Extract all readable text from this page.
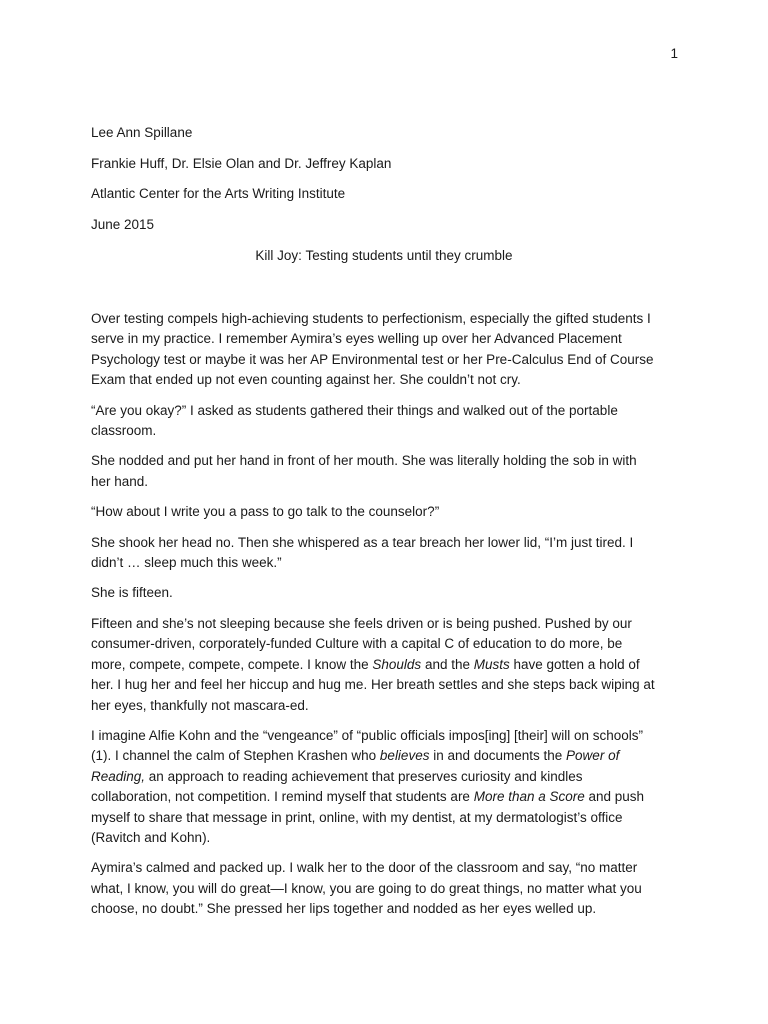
1

Lee Ann Spillane

Frankie Huff, Dr. Elsie Olan and Dr. Jeffrey Kaplan

Atlantic Center for the Arts Writing Institute

June 2015

Kill Joy: Testing students until they crumble

Over testing compels high-achieving students to perfectionism, especially the gifted students I
serve in my practice. I remember Aymira’s eyes welling up over her Advanced Placement
Psychology test or maybe it was her AP Environmental test or her Pre-Calculus End of Course
Exam that ended up not even counting against her. She couldn’t not cry.

“Are you okay?” I asked as students gathered their things and walked out of the portable
classroom.

She nodded and put her hand in front of her mouth. She was literally holding the sob in with
her hand.

“How about I write you a pass to go talk to the counselor?”

She shook her head no. Then she whispered as a tear breach her lower lid, “I’m just tired. I
didn’t … sleep much this week.”

She is fifteen.

Fifteen and she’s not sleeping because she feels driven or is being pushed. Pushed by our
consumer-driven, corporately-funded Culture with a capital C of education to do more, be
more, compete, compete, compete. I know the Shoulds and the Musts have gotten a hold of
her. I hug her and feel her hiccup and hug me. Her breath settles and she steps back wiping at
her eyes, thankfully not mascara-ed.

I imagine Alfie Kohn and the “vengeance” of “public officials impos[ing] [their] will on schools”
(1). I channel the calm of Stephen Krashen who believes in and documents the Power of
Reading, an approach to reading achievement that preserves curiosity and kindles
collaboration, not competition. I remind myself that students are More than a Score and push
myself to share that message in print, online, with my dentist, at my dermatologist’s office
(Ravitch and Kohn).

Aymira’s calmed and packed up. I walk her to the door of the classroom and say, “no matter
what, I know, you will do great—I know, you are going to do great things, no matter what you
choose, no doubt.” She pressed her lips together and nodded as her eyes welled up.
